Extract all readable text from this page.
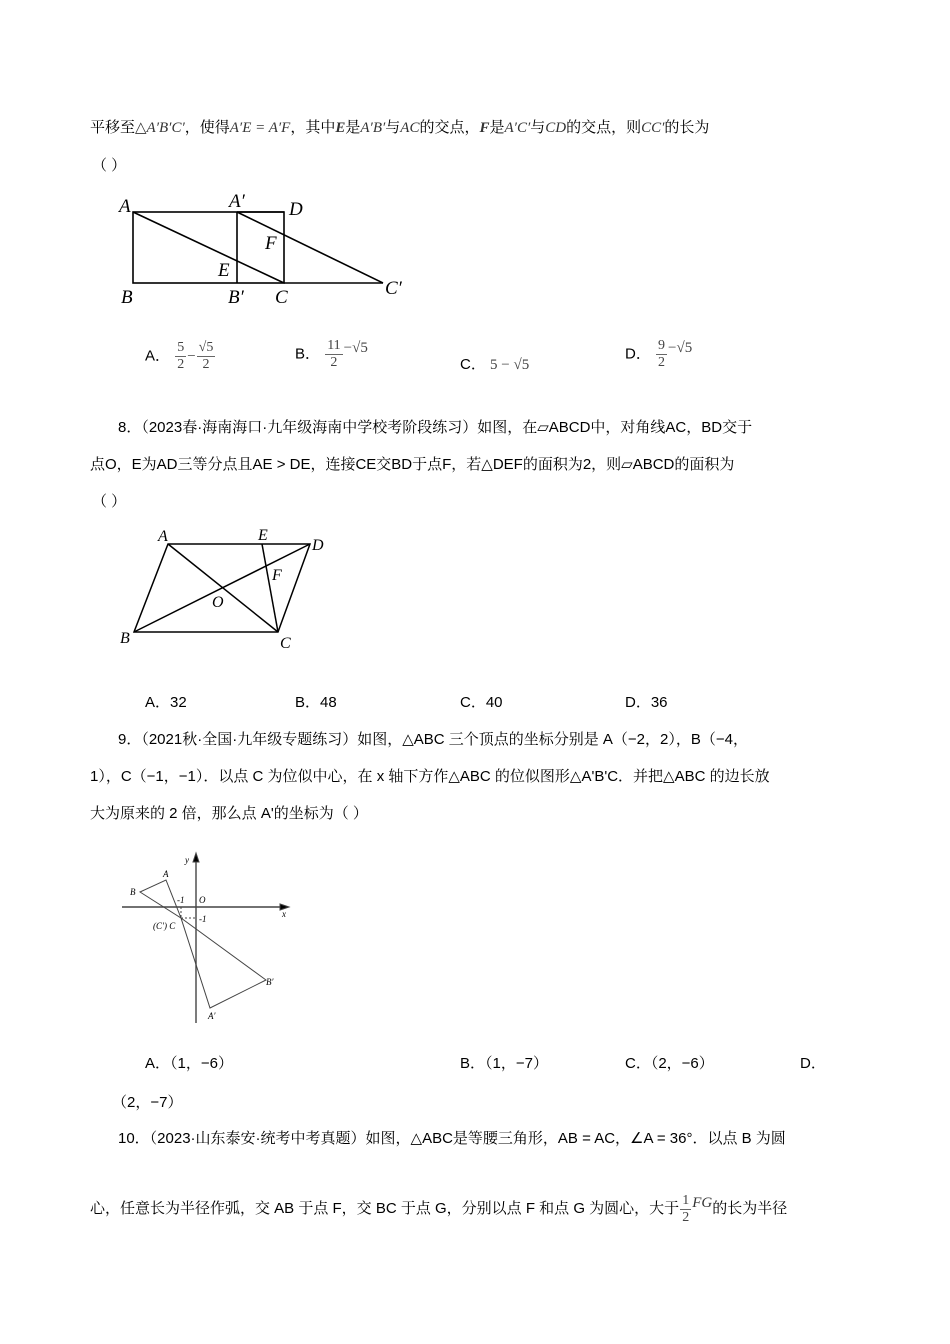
平移至△A′B′C′，使得A′E = A′F，其中E是A′B′与AC的交点，F是A′C′与CD的交点，则CC′的长为
（ ）
A	A′ D
F
E
B	B′ C	C′
A	E
D
F
O
B	C
y
x
O
A
B
-1
-1
(C′) C
A′
B′
A． $\frac{5}{2} - \frac{√5}{2}$	B． $\frac{11}{2} -√5$
C． 5 − √5
D． $\frac{9}{2} -√5$
8．（2023春·海南海口·九年级海南中学校考阶段练习）如图，在▱ABCD中，对角线AC，BD交于
点O，E为AD三等分点且AE > DE，连接CE交BD于点F，若△DEF的面积为2，则▱ABCD的面积为
（ ）
A．32	B．48	C．40	D．36
9．（2021秋·全国·九年级专题练习）如图，△ABC 三个顶点的坐标分别是 A（−2，2），B（−4，
1），C（−1，−1）．以点 C 为位似中心，在 x 轴下方作△ABC 的位似图形△A'B'C．并把△ABC 的边长放
大为原来的 2 倍，那么点 A'的坐标为（ ）
A．（1，−6）	B．（1，−7）	C．（2，−6）	D．
（2，−7）
10．（2023·山东泰安·统考中考真题）如图，△ABC是等腰三角形，AB = AC，∠A = 36°．以点 B 为圆
心，任意长为半径作弧，交 AB 于点 F，交 BC 于点 G，分别以点 F 和点 G 为圆心，大于 $\frac{1}{2}$ FG的长为半径
